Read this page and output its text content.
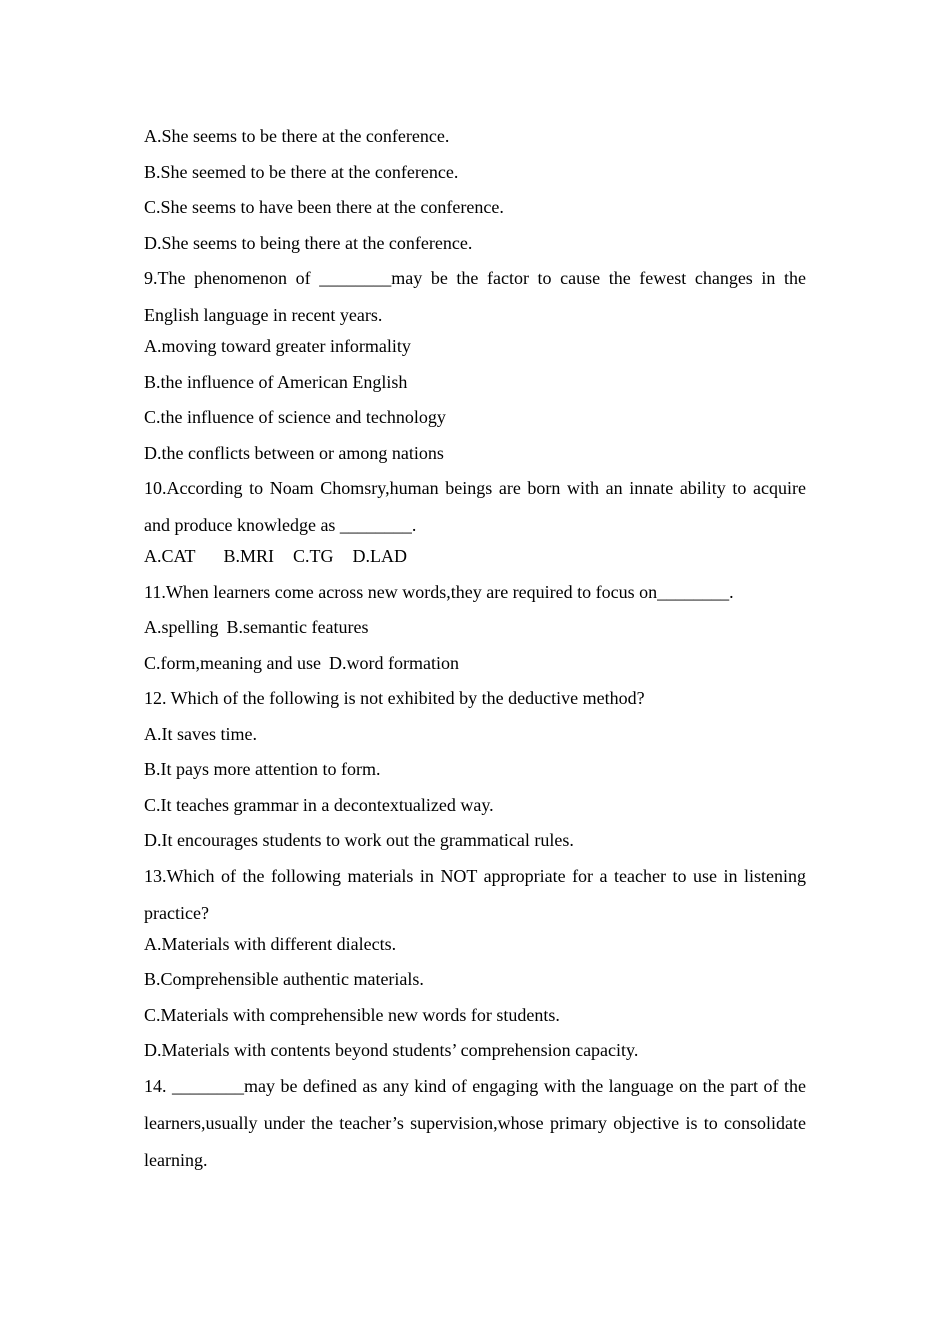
A.She seems to be there at the conference.
B.She seemed to be there at the conference.
C.She seems to have been there at the conference.
D.She seems to being there at the conference.
9.The phenomenon of ________may be the factor to cause the fewest changes in the English language in recent years.
A.moving toward greater informality
B.the influence of American English
C.the influence of science and technology
D.the conflicts between or among nations
10.According to Noam Chomsry,human beings are born with an innate ability to acquire and produce knowledge as ________.
A.CAT B.MRI C.TG D.LAD
11.When learners come across new words,they are required to focus on________.
A.spelling B.semantic features
C.form,meaning and use D.word formation
12. Which of the following is not exhibited by the deductive method?
A.It saves time.
B.It pays more attention to form.
C.It teaches grammar in a decontextualized way.
D.It encourages students to work out the grammatical rules.
13.Which of the following materials in NOT appropriate for a teacher to use in listening practice?
A.Materials with different dialects.
B.Comprehensible authentic materials.
C.Materials with comprehensible new words for students.
D.Materials with contents beyond students’ comprehension capacity.
14. ________may be defined as any kind of engaging with the language on the part of the learners,usually under the teacher’s supervision,whose primary objective is to consolidate learning.
